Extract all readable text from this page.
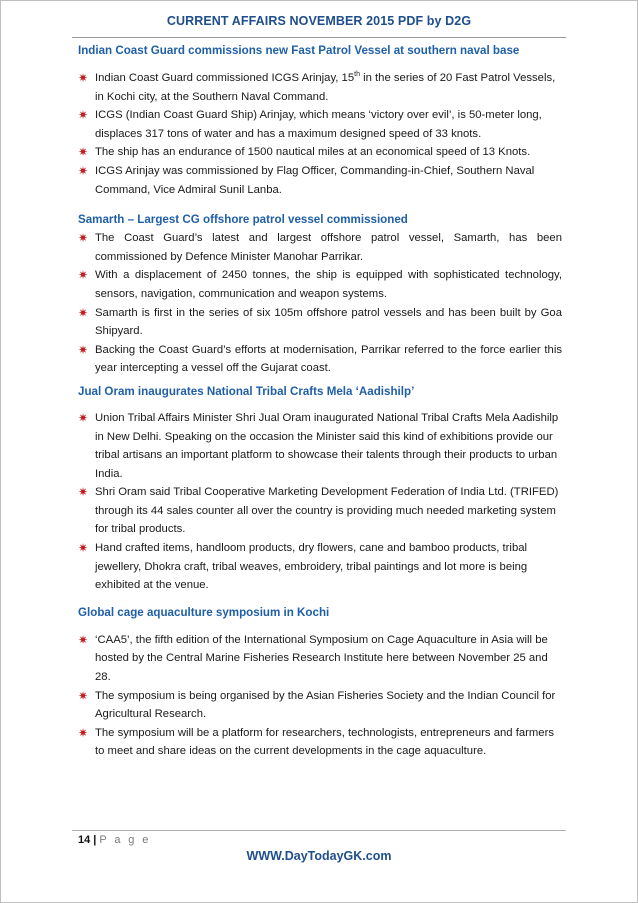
CURRENT AFFAIRS NOVEMBER 2015 PDF by D2G
Indian Coast Guard commissions new Fast Patrol Vessel at southern naval base
✷ Indian Coast Guard commissioned ICGS Arinjay, 15th in the series of 20 Fast Patrol Vessels, in Kochi city, at the Southern Naval Command.
✷ ICGS (Indian Coast Guard Ship) Arinjay, which means ‘victory over evil’, is 50-meter long, displaces 317 tons of water and has a maximum designed speed of 33 knots.
✷ The ship has an endurance of 1500 nautical miles at an economical speed of 13 Knots.
✷ ICGS Arinjay was commissioned by Flag Officer, Commanding-in-Chief, Southern Naval Command, Vice Admiral Sunil Lanba.
Samarth – Largest CG offshore patrol vessel commissioned
✷ The Coast Guard’s latest and largest offshore patrol vessel, Samarth, has been commissioned by Defence Minister Manohar Parrikar.
✷ With a displacement of 2450 tonnes, the ship is equipped with sophisticated technology, sensors, navigation, communication and weapon systems.
✷ Samarth is first in the series of six 105m offshore patrol vessels and has been built by Goa Shipyard.
✷ Backing the Coast Guard’s efforts at modernisation, Parrikar referred to the force earlier this year intercepting a vessel off the Gujarat coast.
Jual Oram inaugurates National Tribal Crafts Mela ‘Aadishilp’
✷ Union Tribal Affairs Minister Shri Jual Oram inaugurated National Tribal Crafts Mela Aadishilp in New Delhi. Speaking on the occasion the Minister said this kind of exhibitions provide our tribal artisans an important platform to showcase their talents through their products to urban India.
✷ Shri Oram said Tribal Cooperative Marketing Development Federation of India Ltd. (TRIFED) through its 44 sales counter all over the country is providing much needed marketing system for tribal products.
✷ Hand crafted items, handloom products, dry flowers, cane and bamboo products, tribal jewellery, Dhokra craft, tribal weaves, embroidery, tribal paintings and lot more is being exhibited at the venue.
Global cage aquaculture symposium in Kochi
✷ ‘CAA5’, the fifth edition of the International Symposium on Cage Aquaculture in Asia will be hosted by the Central Marine Fisheries Research Institute here between November 25 and 28.
✷ The symposium is being organised by the Asian Fisheries Society and the Indian Council for Agricultural Research.
✷ The symposium will be a platform for researchers, technologists, entrepreneurs and farmers to meet and share ideas on the current developments in the cage aquaculture.
14 | P a g e
WWW.DayTodayGK.com
